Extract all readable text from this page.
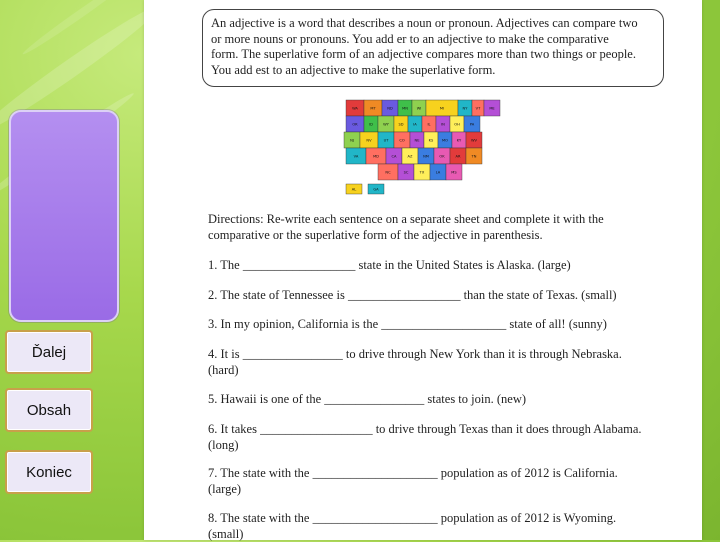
Ďalej
Obsah
Koniec

An adjective is a word that describes a noun or pronoun. Adjectives can compare two
or more nouns or pronouns. You add er to an adjective to make the comparative
form. The superlative form of an adjective compares more than two things or people.
You add est to an adjective to make the superlative form.

WA	MT	ND	MN WI	MI	NY VT ME
OR	ID	WY	SD	IA	IL	IN	OH	PA
NJ	NV	UT	CO	NE	KS MO KY	WV
VA	MD	CA	AZ	NM	OK	AR	TN
NC	SC	TX	LA	MS
AL	GA
Directions: Re-write each sentence on a separate sheet and complete it with the comparative or the superlative form of the adjective in parenthesis.
1. The __________________ state in the United States is Alaska. (large)
2. The state of Tennessee is __________________ than the state of Texas. (small)
3. In my opinion, California is the ____________________ state of all! (sunny)
4. It is ________________ to drive through New York than it is through Nebraska. (hard)
5. Hawaii is one of the ________________ states to join. (new)
6. It takes __________________ to drive through Texas than it does through Alabama. (long)
7. The state with the ____________________ population as of 2012 is California. (large)
8. The state with the ____________________ population as of 2012 is Wyoming. (small)
